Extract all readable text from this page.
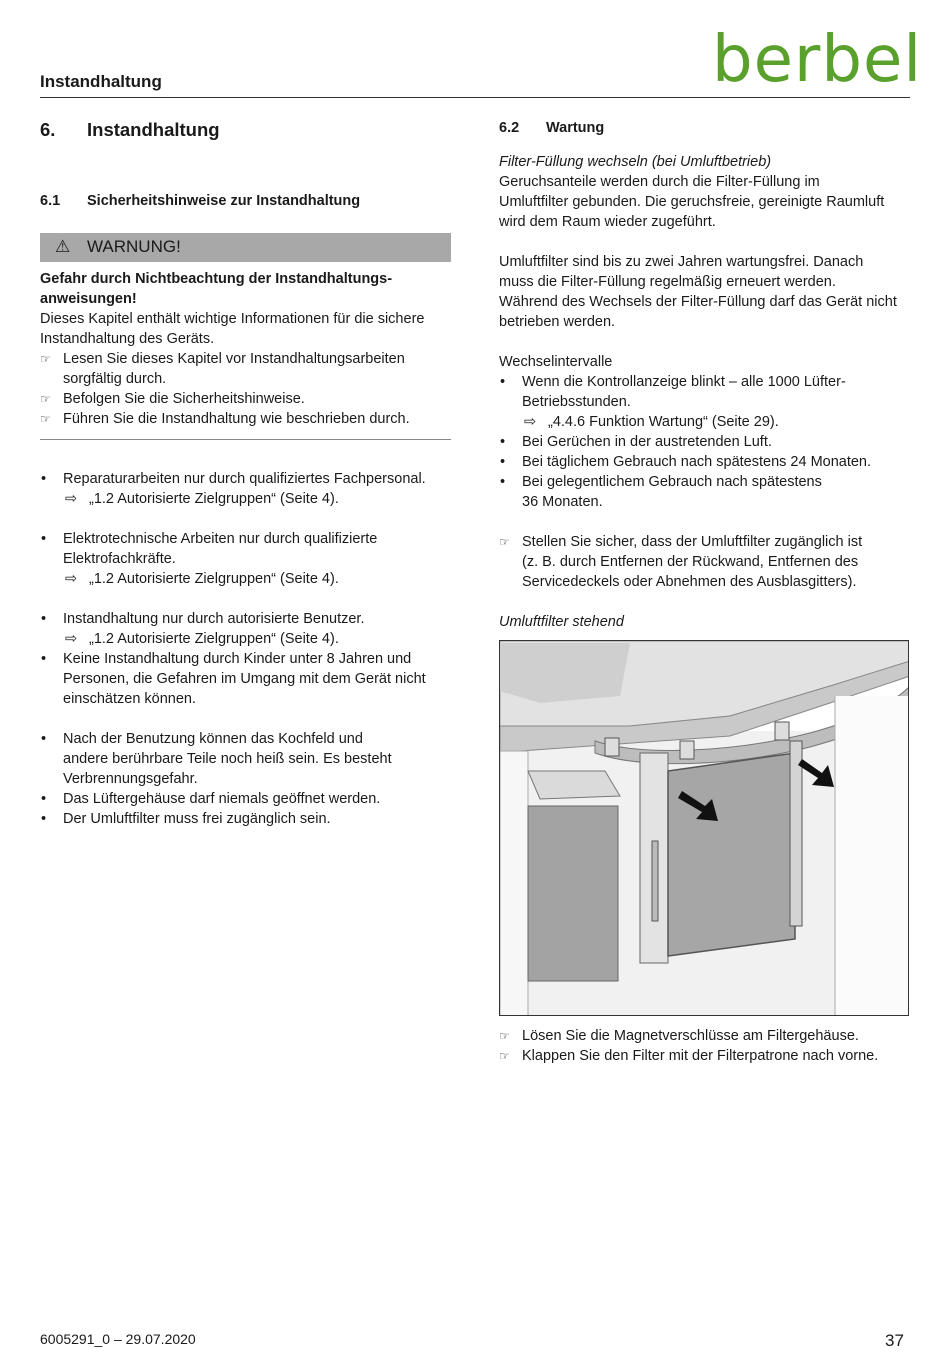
Instandhaltung	berbel
6. Instandhaltung
6.1 Sicherheitshinweise zur Instandhaltung
⚠ WARNUNG!
Gefahr durch Nichtbeachtung der Instandhaltungs-
anweisungen!
Dieses Kapitel enthält wichtige Informationen für die sichere
Instandhaltung des Geräts.
☞ Lesen Sie dieses Kapitel vor Instandhaltungsarbeiten
sorgfältig durch.
☞ Befolgen Sie die Sicherheitshinweise.
☞ Führen Sie die Instandhaltung wie beschrieben durch.
• Reparaturarbeiten nur durch qualifiziertes Fachpersonal.
⇨ „1.2 Autorisierte Zielgruppen“ (Seite 4).
• Elektrotechnische Arbeiten nur durch qualifizierte
Elektrofachkräfte.
⇨ „1.2 Autorisierte Zielgruppen“ (Seite 4).
• Instandhaltung nur durch autorisierte Benutzer.
⇨ „1.2 Autorisierte Zielgruppen“ (Seite 4).
• Keine Instandhaltung durch Kinder unter 8 Jahren und
Personen, die Gefahren im Umgang mit dem Gerät nicht
einschätzen können.
• Nach der Benutzung können das Kochfeld und
andere berührbare Teile noch heiß sein. Es besteht
Verbrennungsgefahr.
• Das Lüftergehäuse darf niemals geöffnet werden.
• Der Umluftfilter muss frei zugänglich sein.
6.2 Wartung
Filter-Füllung wechseln (bei Umluftbetrieb)
Geruchsanteile werden durch die Filter-Füllung im
Umluftfilter gebunden. Die geruchsfreie, gereinigte Raumluft
wird dem Raum wieder zugeführt.
Umluftfilter sind bis zu zwei Jahren wartungsfrei. Danach
muss die Filter-Füllung regelmäßig erneuert werden.
Während des Wechsels der Filter-Füllung darf das Gerät nicht
betrieben werden.
Wechselintervalle
• Wenn die Kontrollanzeige blinkt – alle 1000 Lüfter-
Betriebsstunden.
⇨ „4.4.6 Funktion Wartung“ (Seite 29).
• Bei Gerüchen in der austretenden Luft.
• Bei täglichem Gebrauch nach spätestens 24 Monaten.
• Bei gelegentlichem Gebrauch nach spätestens
36 Monaten.
☞ Stellen Sie sicher, dass der Umluftfilter zugänglich ist
(z. B. durch Entfernen der Rückwand, Entfernen des
Servicedeckels oder Abnehmen des Ausblasgitters).
Umluftfilter stehend
☞ Lösen Sie die Magnetverschlüsse am Filtergehäuse.
☞ Klappen Sie den Filter mit der Filterpatrone nach vorne.
6005291_0 – 29.07.2020	37
